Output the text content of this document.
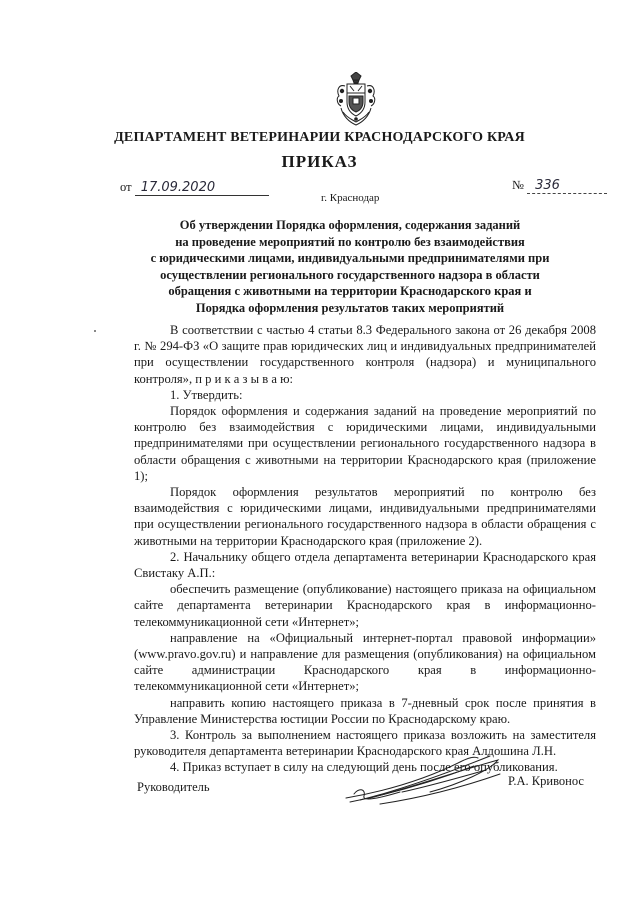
ДЕПАРТАМЕНТ ВЕТЕРИНАРИИ КРАСНОДАРСКОГО КРАЯ
ПРИКАЗ
от 17.09.2020
г. Краснодар
№ 336
Об утверждении Порядка оформления, содержания заданий
на проведение мероприятий по контролю без взаимодействия
с юридическими лицами, индивидуальными предпринимателями при
осуществлении регионального государственного надзора в области
обращения с животными на территории Краснодарского края и
Порядка оформления результатов таких мероприятий

В соответствии с частью 4 статьи 8.3 Федерального закона от 26 декабря 2008 г. № 294-ФЗ «О защите прав юридических лиц и индивидуальных предпринимателей при осуществлении государственного контроля (надзора) и муниципального контроля», п р и к а з ы в а ю:

1. Утвердить:

Порядок оформления и содержания заданий на проведение мероприятий по контролю без взаимодействия с юридическими лицами, индивидуальными предпринимателями при осуществлении регионального государственного надзора в области обращения с животными на территории Краснодарского края (приложение 1);

Порядок оформления результатов мероприятий по контролю без взаимодействия с юридическими лицами, индивидуальными предпринимателями при осуществлении регионального государственного надзора в области обращения с животными на территории Краснодарского края (приложение 2).

2. Начальнику общего отдела департамента ветеринарии Краснодарского края Свистаку А.П.:

обеспечить размещение (опубликование) настоящего приказа на официальном сайте департамента ветеринарии Краснодарского края в информационно-телекоммуникационной сети «Интернет»;

направление на «Официальный интернет-портал правовой информации» (www.pravo.gov.ru) и направление для размещения (опубликования) на официальном сайте администрации Краснодарского края в информационно-телекоммуникационной сети «Интернет»;

направить копию настоящего приказа в 7-дневный срок после принятия в Управление Министерства юстиции России по Краснодарскому краю.

3. Контроль за выполнением настоящего приказа возложить на заместителя руководителя департамента ветеринарии Краснодарского края Алдошина Л.Н.

4. Приказ вступает в силу на следующий день после его опубликования.

Руководитель	Р.А. Кривонос
